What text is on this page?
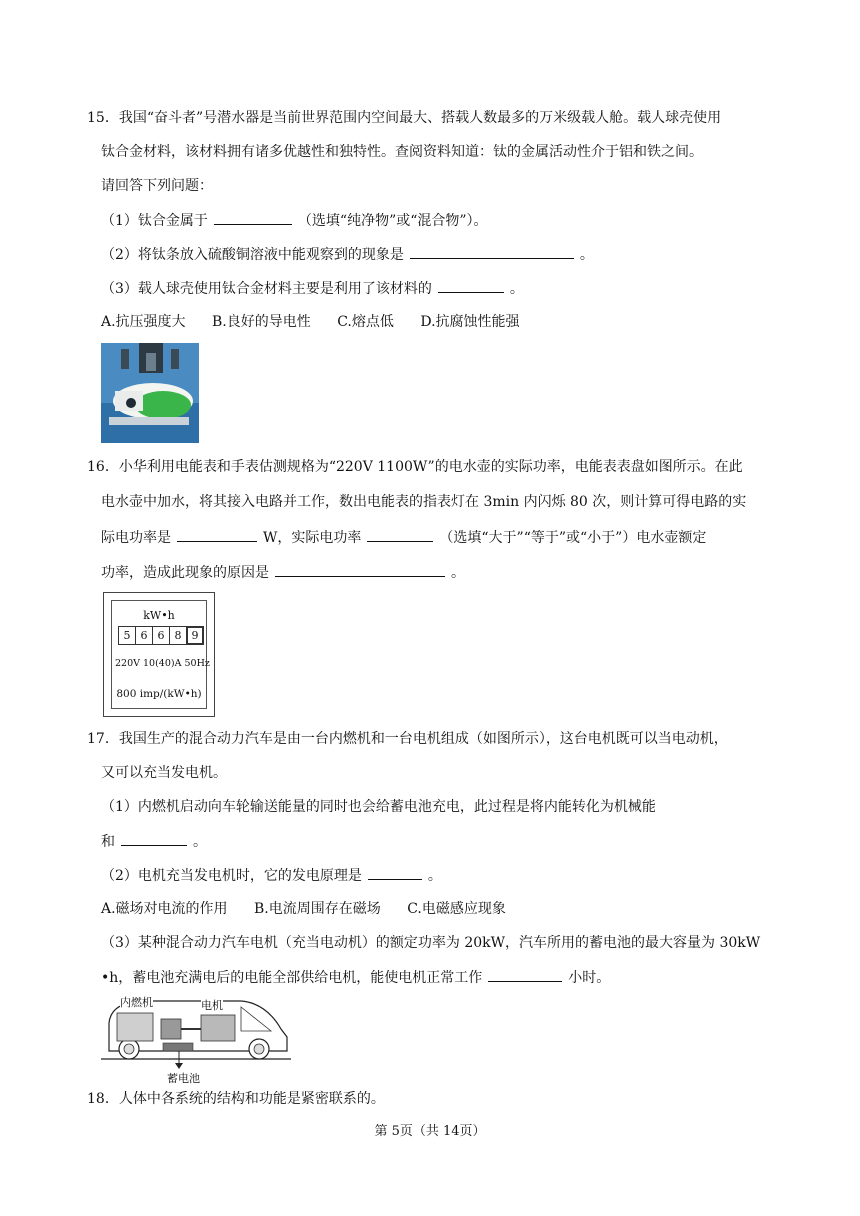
15．我国“奋斗者”号潜水器是当前世界范围内空间最大、搭载人数最多的万米级载人舱。载人球壳使用
钛合金材料，该材料拥有诸多优越性和独特性。查阅资料知道：钛的金属活动性介于铝和铁之间。
请回答下列问题：
（1）钛合金属于	（选填“纯净物”或“混合物”）。
（2）将钛条放入硫酸铜溶液中能观察到的现象是	。
（3）载人球壳使用钛合金材料主要是利用了该材料的	。
A.抗压强度大 B.良好的导电性 C.熔点低 D.抗腐蚀性能强
16．小华利用电能表和手表估测规格为“220V 1100W”的电水壶的实际功率，电能表表盘如图所示。在此
电水壶中加水，将其接入电路并工作，数出电能表的指表灯在 3min 内闪烁 80 次，则计算可得电路的实
际电功率是	W，实际电功率	（选填“大于”“等于”或“小于”）电水壶额定
功率，造成此现象的原因是	。
kW•h
5 6 6 8 9
220V 10(40)A 50Hz
800 imp/(kW•h)
17．我国生产的混合动力汽车是由一台内燃机和一台电机组成（如图所示），这台电机既可以当电动机，
又可以充当发电机。
（1）内燃机启动向车轮输送能量的同时也会给蓄电池充电，此过程是将内能转化为机械能
和	。
（2）电机充当发电机时，它的发电原理是	。
A.磁场对电流的作用 B.电流周围存在磁场 C.电磁感应现象
（3）某种混合动力汽车电机（充当电动机）的额定功率为 20kW，汽车所用的蓄电池的最大容量为 30kW
•h，蓄电池充满电后的电能全部供给电机，能使电机正常工作	小时。
内燃机	电机
蓄电池
18．人体中各系统的结构和功能是紧密联系的。
第 5页（共 14页）
